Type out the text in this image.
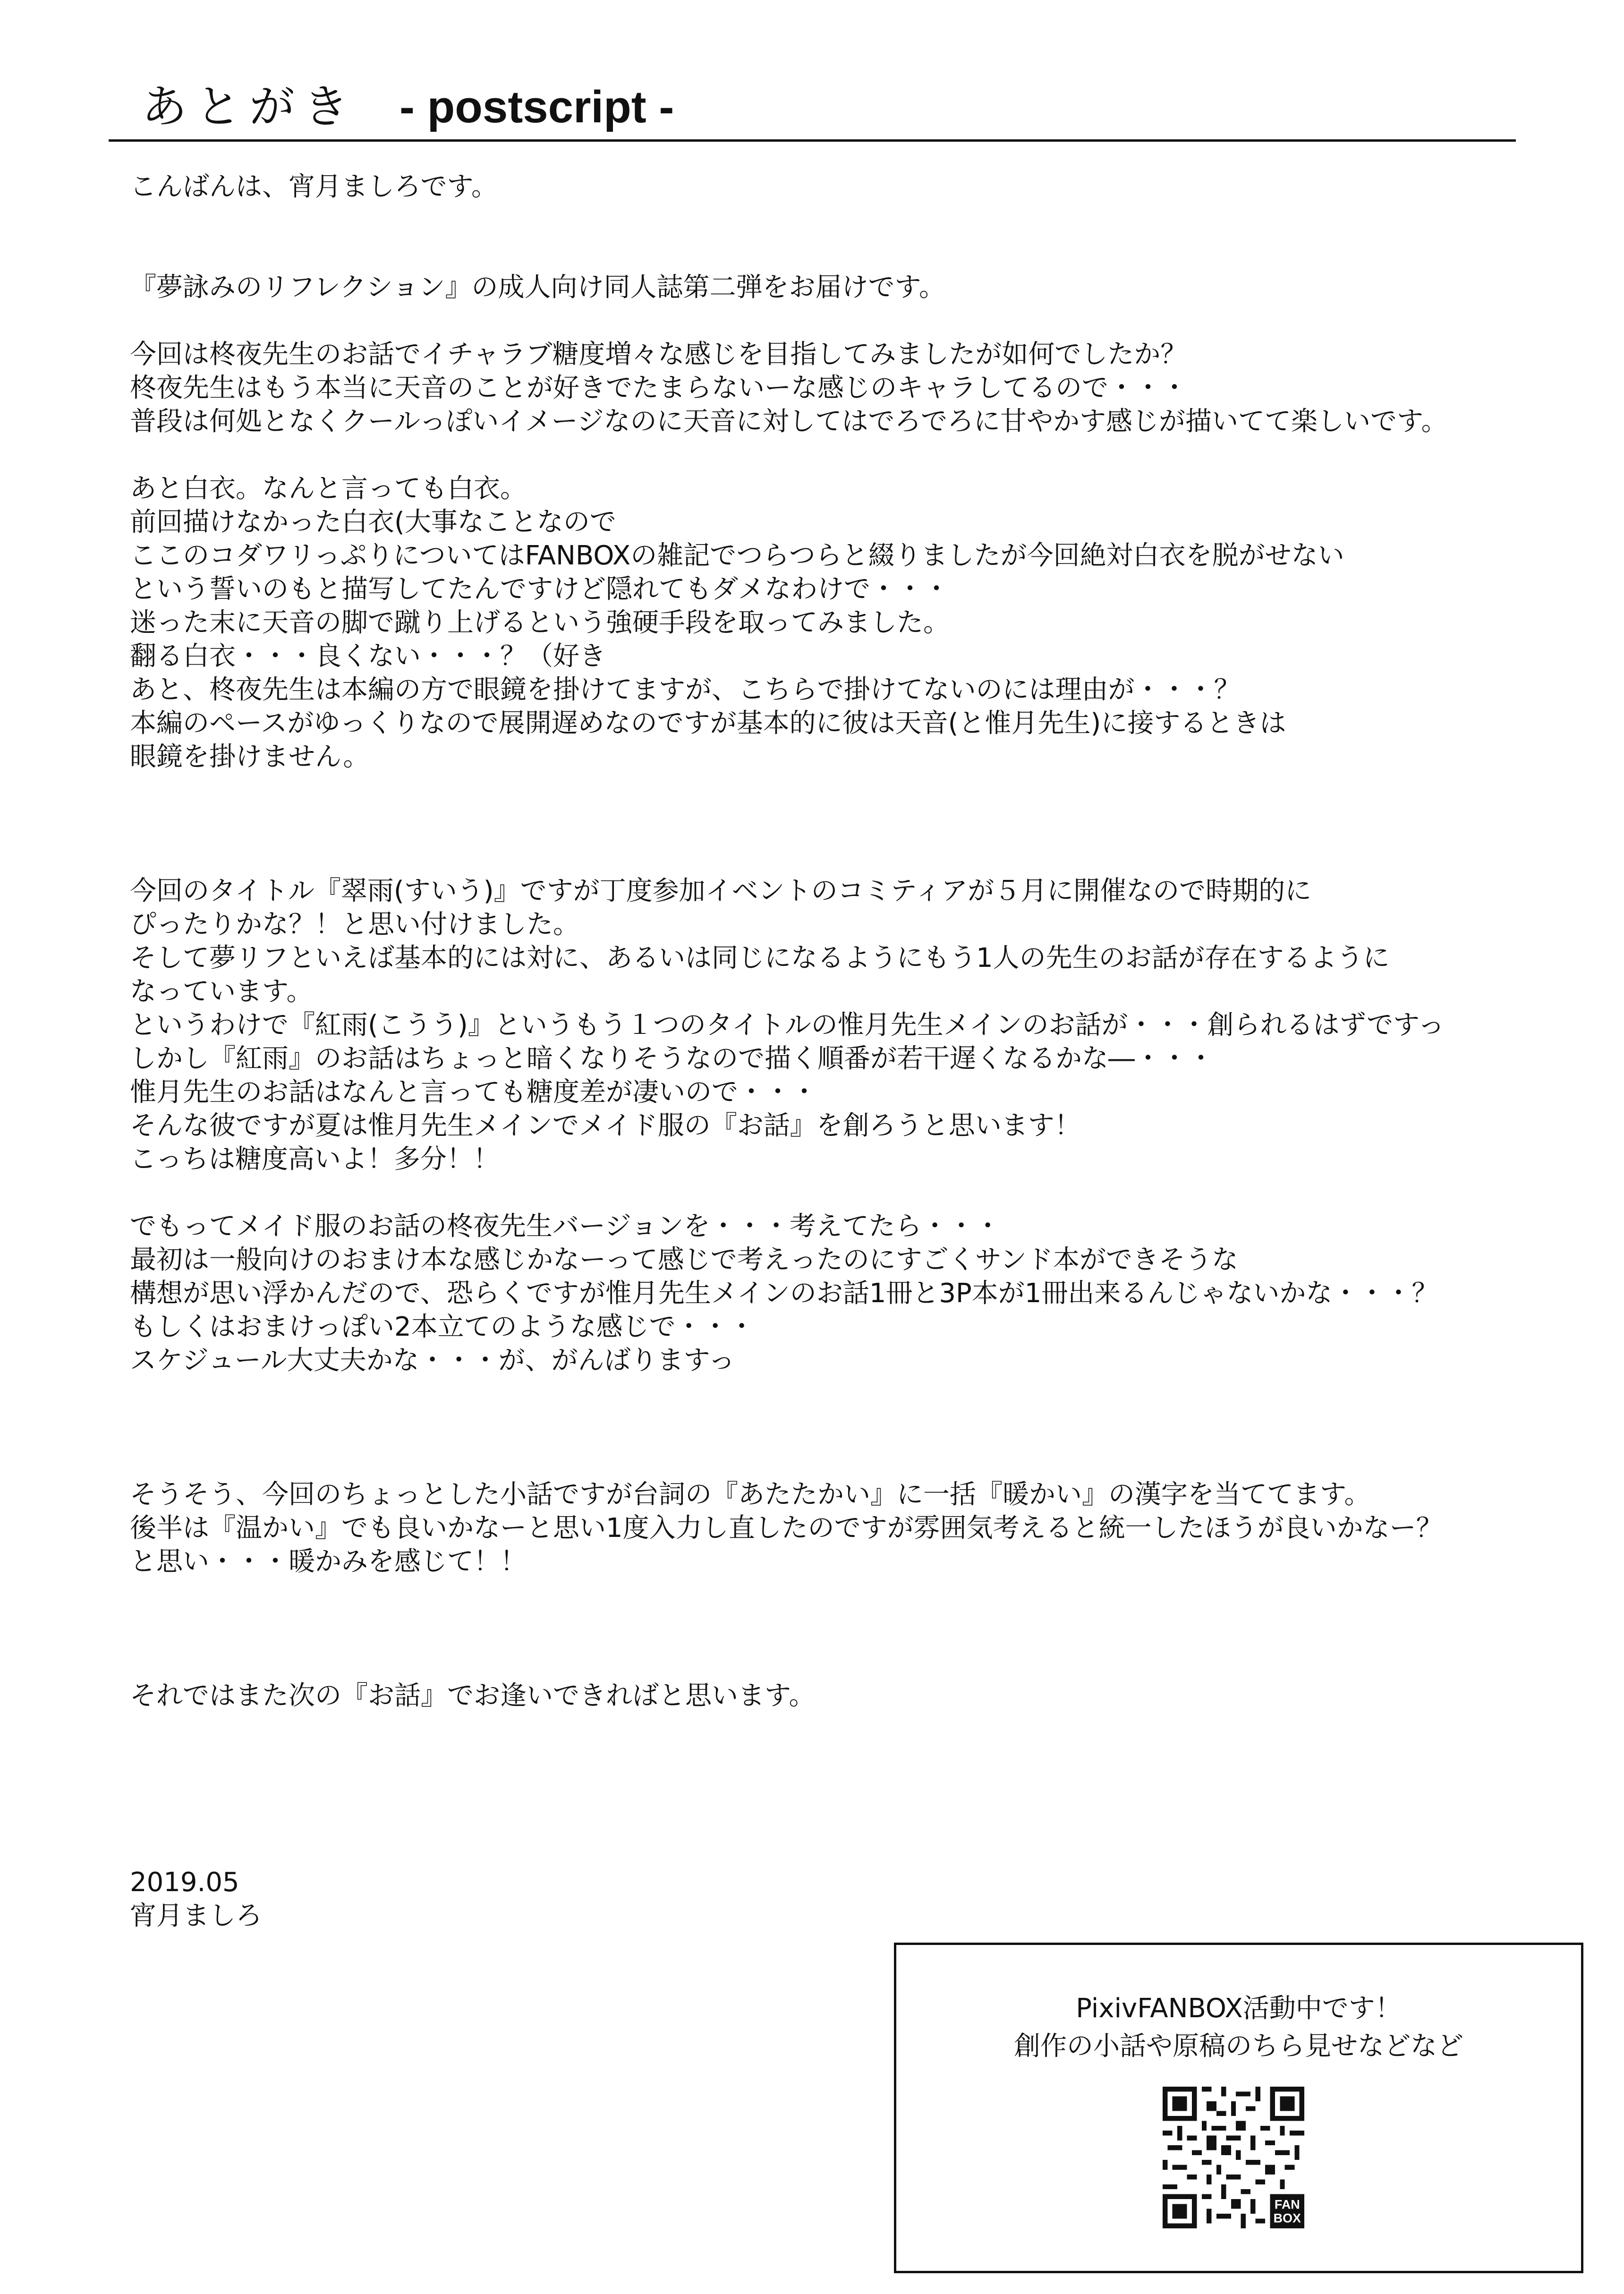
あとがき - postscript -
こんばんは、宵月ましろです。
『夢詠みのリフレクション』の成人向け同人誌第二弾をお届けです。
今回は柊夜先生のお話でイチャラブ糖度増々な感じを目指してみましたが如何でしたか？
柊夜先生はもう本当に天音のことが好きでたまらないーな感じのキャラしてるので・・・
普段は何処となくクールっぽいイメージなのに天音に対してはでろでろに甘やかす感じが描いてて楽しいです。
あと白衣。なんと言っても白衣。
前回描けなかった白衣(大事なことなので
ここのコダワリっぷりについてはFANBOXの雑記でつらつらと綴りましたが今回絶対白衣を脱がせない
という誓いのもと描写してたんですけど隠れてもダメなわけで・・・
迷った末に天音の脚で蹴り上げるという強硬手段を取ってみました。
翻る白衣・・・良くない・・・？（好き
あと、柊夜先生は本編の方で眼鏡を掛けてますが、こちらで掛けてないのには理由が・・・？
本編のペースがゆっくりなので展開遅めなのですが基本的に彼は天音(と惟月先生)に接するときは
眼鏡を掛けません。
今回のタイトル『翠雨(すいう)』ですが丁度参加イベントのコミティアが５月に開催なので時期的に
ぴったりかな？！と思い付けました。
そして夢リフといえば基本的には対に、あるいは同じになるようにもう1人の先生のお話が存在するように
なっています。
というわけで『紅雨(こうう)』というもう１つのタイトルの惟月先生メインのお話が・・・創られるはずですっ
しかし『紅雨』のお話はちょっと暗くなりそうなので描く順番が若干遅くなるかな―・・・
惟月先生のお話はなんと言っても糖度差が凄いので・・・
そんな彼ですが夏は惟月先生メインでメイド服の『お話』を創ろうと思います！
こっちは糖度高いよ！多分！！
でもってメイド服のお話の柊夜先生バージョンを・・・考えてたら・・・
最初は一般向けのおまけ本な感じかなーって感じで考えったのにすごくサンド本ができそうな
構想が思い浮かんだので、恐らくですが惟月先生メインのお話1冊と3P本が1冊出来るんじゃないかな・・・？
もしくはおまけっぽい2本立てのような感じで・・・
スケジュール大丈夫かな・・・が、がんばりますっ
そうそう、今回のちょっとした小話ですが台詞の『あたたかい』に一括『暖かい』の漢字を当ててます。
後半は『温かい』でも良いかなーと思い1度入力し直したのですが雰囲気考えると統一したほうが良いかなー？
と思い・・・暖かみを感じて！！
それではまた次の『お話』でお逢いできればと思います。
2019.05
宵月ましろ
PixivFANBOX活動中です！
創作の小話や原稿のちら見せなどなど
FAN
BOX
